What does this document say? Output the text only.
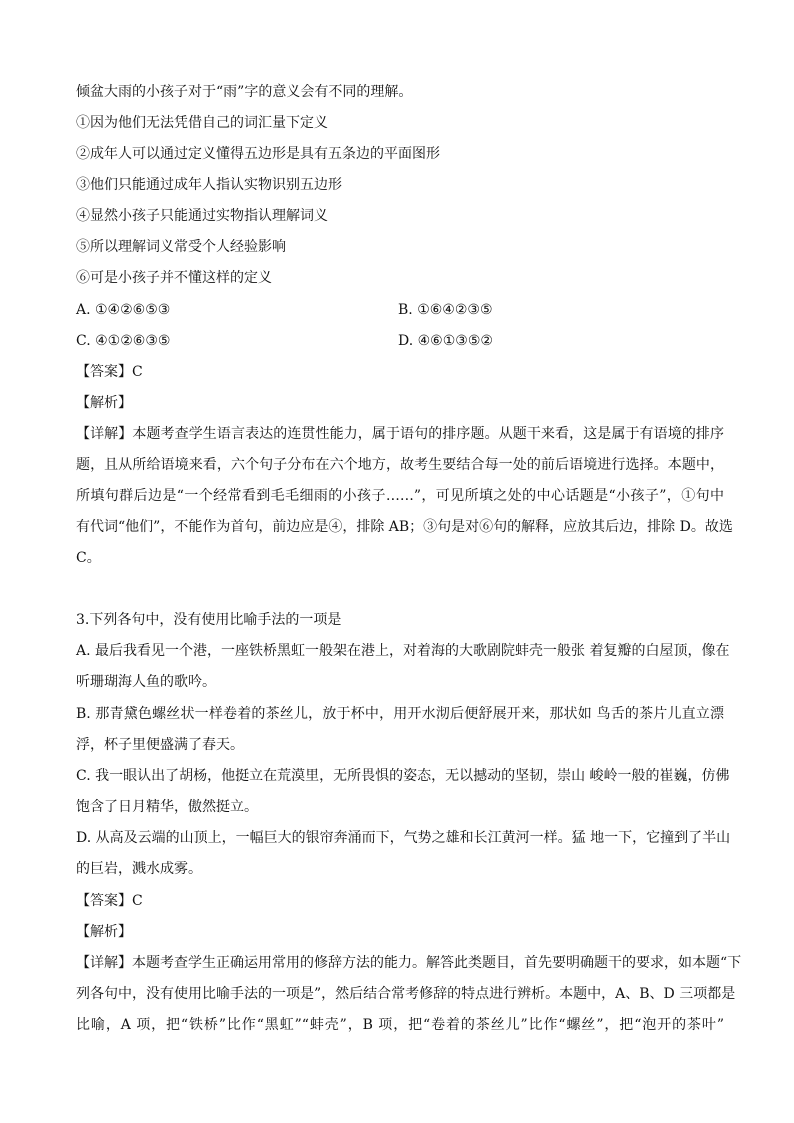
倾盆大雨的小孩子对于“雨”字的意义会有不同的理解。

①因为他们无法凭借自己的词汇量下定义

②成年人可以通过定义懂得五边形是具有五条边的平面图形

③他们只能通过成年人指认实物识别五边形

④显然小孩子只能通过实物指认理解词义

⑤所以理解词义常受个人经验影响

⑥可是小孩子并不懂这样的定义

A. ①④②⑥⑤③	B. ①⑥④②③⑤

C. ④①②⑥③⑤	D. ④⑥①③⑤②

【答案】C

【解析】

【详解】本题考查学生语言表达的连贯性能力，属于语句的排序题。从题干来看，这是属于有语境的排序

题，且从所给语境来看，六个句子分布在六个地方，故考生要结合每一处的前后语境进行选择。本题中，

所填句群后边是“一个经常看到毛毛细雨的小孩子……”，可见所填之处的中心话题是“小孩子”，①句中

有代词“他们”，不能作为首句，前边应是④，排除 AB；③句是对⑥句的解释，应放其后边，排除 D。故选

C。

3.下列各句中，没有使用比喻手法的一项是

A. 最后我看见一个港，一座铁桥黑虹一般架在港上，对着海的大歌剧院蚌壳一般张 着复瓣的白屋顶，像在

听珊瑚海人鱼的歌吟。

B. 那青黛色螺丝状一样卷着的茶丝儿，放于杯中，用开水沏后便舒展开来，那状如 鸟舌的茶片儿直立漂

浮，杯子里便盛满了春天。

C. 我一眼认出了胡杨，他挺立在荒漠里，无所畏惧的姿态，无以撼动的坚韧，崇山 峻岭一般的崔巍，仿佛

饱含了日月精华，傲然挺立。

D. 从高及云端的山顶上，一幅巨大的银帘奔涌而下，气势之雄和长江黄河一样。猛 地一下，它撞到了半山

的巨岩，溅水成雾。

【答案】C

【解析】

【详解】本题考查学生正确运用常用的修辞方法的能力。解答此类题目，首先要明确题干的要求，如本题“下

列各句中，没有使用比喻手法的一项是”，然后结合常考修辞的特点进行辨析。本题中，A、B、D 三项都是

比喻，A 项，把“铁桥”比作“黑虹”“蚌壳”，B 项，把“卷着的茶丝儿”比作“螺丝”，把“泡开的茶叶”
